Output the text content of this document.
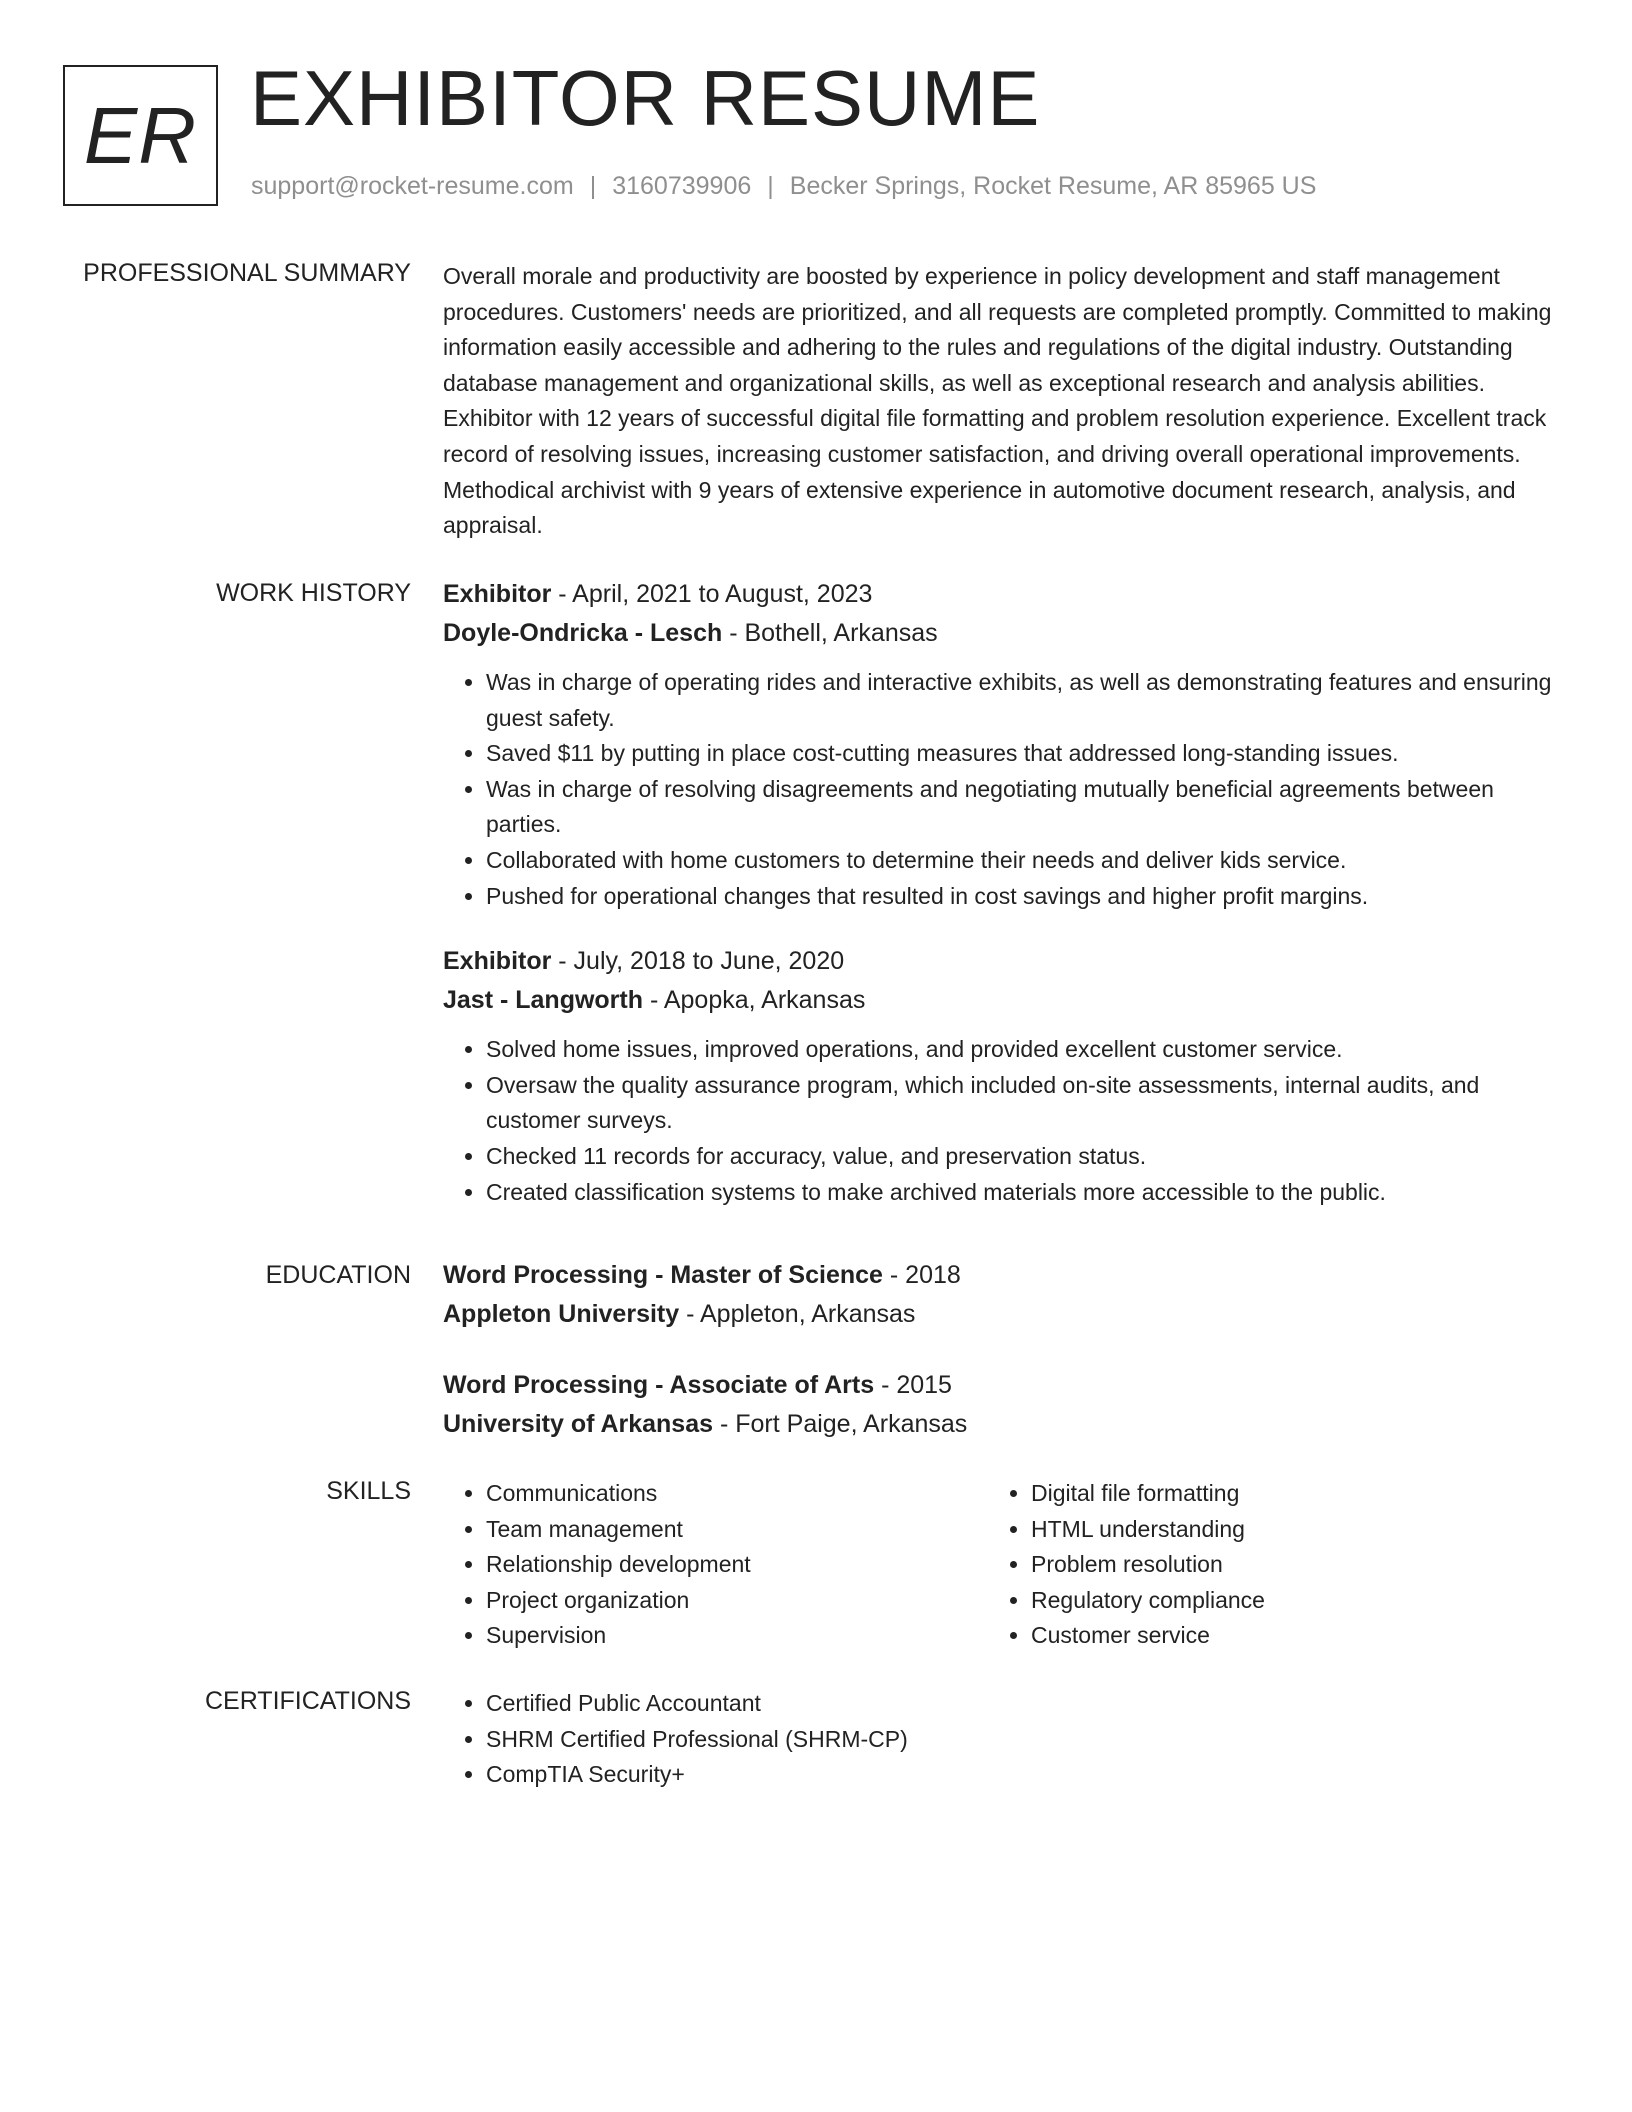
ER EXHIBITOR RESUME
support@rocket-resume.com | 3160739906 | Becker Springs, Rocket Resume, AR 85965 US
PROFESSIONAL SUMMARY Overall morale and productivity are boosted by experience in policy development and staff management procedures. Customers' needs are prioritized, and all requests are completed promptly. Committed to making information easily accessible and adhering to the rules and regulations of the digital industry. Outstanding database management and organizational skills, as well as exceptional research and analysis abilities. Exhibitor with 12 years of successful digital file formatting and problem resolution experience. Excellent track record of resolving issues, increasing customer satisfaction, and driving overall operational improvements. Methodical archivist with 9 years of extensive experience in automotive document research, analysis, and appraisal.

WORK HISTORY Exhibitor - April, 2021 to August, 2023

Doyle-Ondricka - Lesch - Bothell, Arkansas

• Was in charge of operating rides and interactive exhibits, as well as demonstrating features and ensuring guest safety.
• Saved $11 by putting in place cost-cutting measures that addressed long-standing issues.
• Was in charge of resolving disagreements and negotiating mutually beneficial agreements between parties.
• Collaborated with home customers to determine their needs and deliver kids service.
• Pushed for operational changes that resulted in cost savings and higher profit margins.

Exhibitor - July, 2018 to June, 2020

Jast - Langworth - Apopka, Arkansas

• Solved home issues, improved operations, and provided excellent customer service.
• Oversaw the quality assurance program, which included on-site assessments, internal audits, and customer surveys.
• Checked 11 records for accuracy, value, and preservation status.
• Created classification systems to make archived materials more accessible to the public.
EDUCATION Word Processing - Master of Science - 2018

Appleton University - Appleton, Arkansas

Word Processing - Associate of Arts - 2015

University of Arkansas - Fort Paige, Arkansas

SKILLS	• Communications
• Team management
• Relationship development
• Project organization
• Supervision
• Digital file formatting
• HTML understanding
• Problem resolution
• Regulatory compliance
• Customer service
CERTIFICATIONS	• Certified Public Accountant
• SHRM Certified Professional (SHRM-CP)
• CompTIA Security+
